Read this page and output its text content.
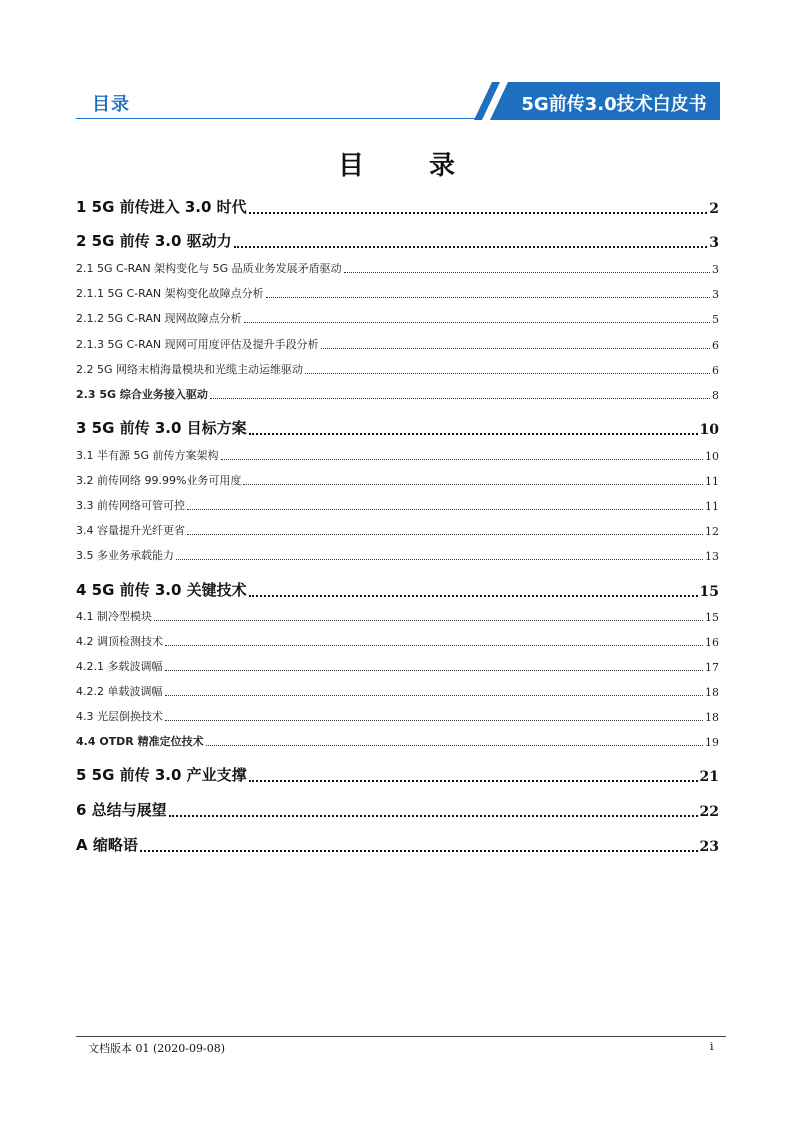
目录	5G前传3.0技术白皮书
目 录
1 5G 前传进入 3.0 时代	2
2 5G 前传 3.0 驱动力	3
2.1 5G C-RAN 架构变化与 5G 品质业务发展矛盾驱动	3
2.1.1 5G C-RAN 架构变化故障点分析	3
2.1.2 5G C-RAN 现网故障点分析	5
2.1.3 5G C-RAN 现网可用度评估及提升手段分析	6
2.2 5G 网络末梢海量模块和光缆主动运维驱动	6
2.3 5G 综合业务接入驱动	8
3 5G 前传 3.0 目标方案	10
3.1 半有源 5G 前传方案架构	10
3.2 前传网络 99.99%业务可用度	11
3.3 前传网络可管可控	11
3.4 容量提升光纤更省	12
3.5 多业务承载能力	13
4 5G 前传 3.0 关键技术	15
4.1 制冷型模块	15
4.2 调顶检测技术	16
4.2.1 多载波调幅	17
4.2.2 单载波调幅	18
4.3 光层倒换技术	18
4.4 OTDR 精准定位技术	19
5 5G 前传 3.0 产业支撑	21
6 总结与展望	22
A 缩略语	23
文档版本 01 (2020-09-08)	i
